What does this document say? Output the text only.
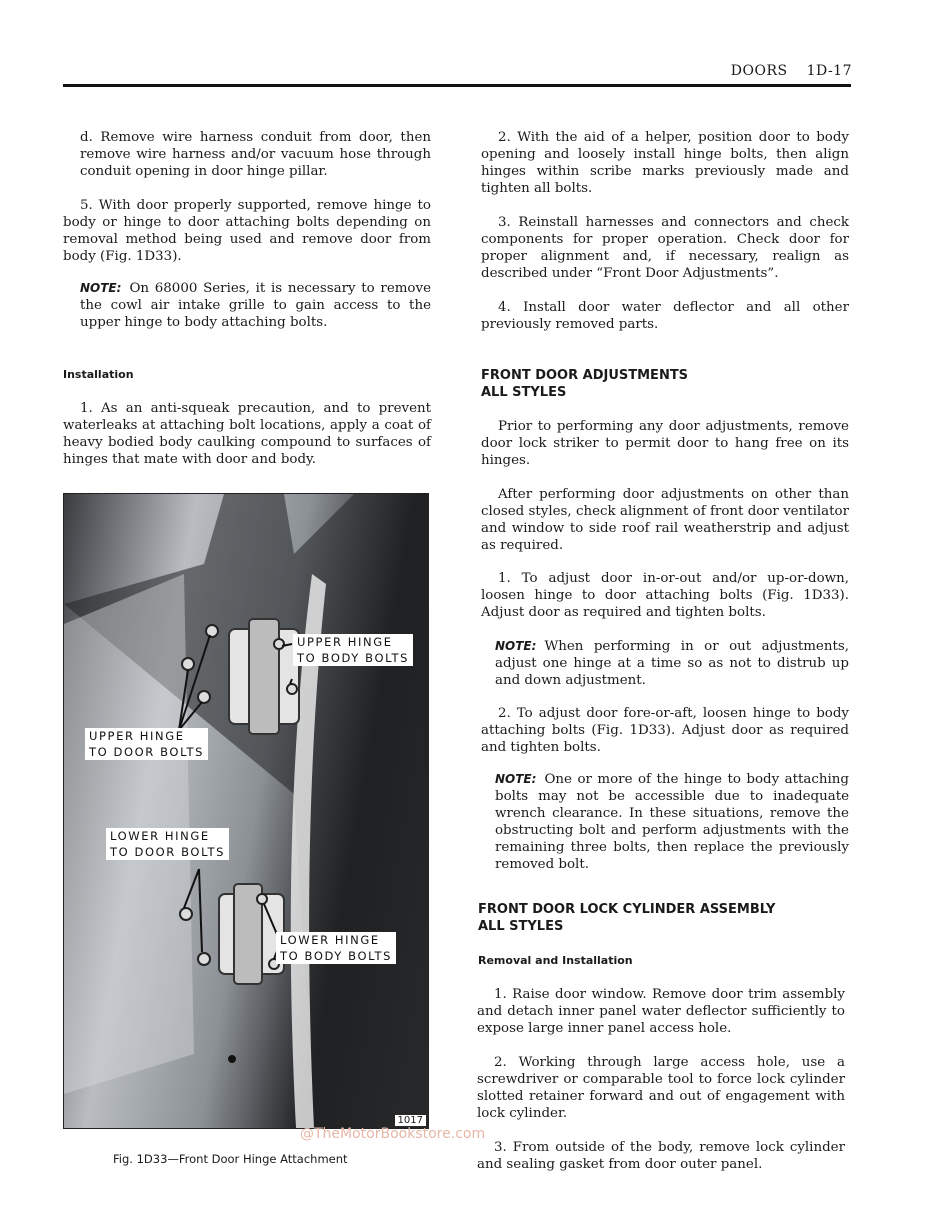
DOORS 1D-17

d. Remove wire harness conduit from door, then remove wire harness and/or vacuum hose through conduit opening in door hinge pillar.

5. With door properly supported, remove hinge to body or hinge to door attaching bolts depending on removal method being used and remove door from body (Fig. 1D33).

NOTE: On 68000 Series, it is necessary to remove the cowl air intake grille to gain access to the upper hinge to body attaching bolts.

Installation

1. As an anti-squeak precaution, and to prevent waterleaks at attaching bolt locations, apply a coat of heavy bodied body caulking compound to surfaces of hinges that mate with door and body.

UPPER HINGE
TO BODY BOLTS
UPPER HINGE
TO DOOR BOLTS
LOWER HINGE
TO DOOR BOLTS
LOWER HINGE
TO BODY BOLTS
1017
Fig. 1D33—Front Door Hinge Attachment
@TheMotorBookstore.com

2. With the aid of a helper, position door to body opening and loosely install hinge bolts, then align hinges within scribe marks previously made and tighten all bolts.

3. Reinstall harnesses and connectors and check components for proper operation. Check door for proper alignment and, if necessary, realign as described under “Front Door Adjustments”.

4. Install door water deflector and all other previously removed parts.

FRONT DOOR ADJUSTMENTS
ALL STYLES

Prior to performing any door adjustments, remove door lock striker to permit door to hang free on its hinges.

After performing door adjustments on other than closed styles, check alignment of front door ventilator and window to side roof rail weatherstrip and adjust as required.

1. To adjust door in-or-out and/or up-or-down, loosen hinge to door attaching bolts (Fig. 1D33). Adjust door as required and tighten bolts.

NOTE: When performing in or out adjustments, adjust one hinge at a time so as not to distrub up and down adjustment.

2. To adjust door fore-or-aft, loosen hinge to body attaching bolts (Fig. 1D33). Adjust door as required and tighten bolts.

NOTE: One or more of the hinge to body attaching bolts may not be accessible due to inadequate wrench clearance. In these situations, remove the obstructing bolt and perform adjustments with the remaining three bolts, then replace the previously removed bolt.

FRONT DOOR LOCK CYLINDER ASSEMBLY
ALL STYLES
Removal and Installation

1. Raise door window. Remove door trim assembly and detach inner panel water deflector sufficiently to expose large inner panel access hole.

2. Working through large access hole, use a screwdriver or comparable tool to force lock cylinder slotted retainer forward and out of engagement with lock cylinder.

3. From outside of the body, remove lock cylinder and sealing gasket from door outer panel.
